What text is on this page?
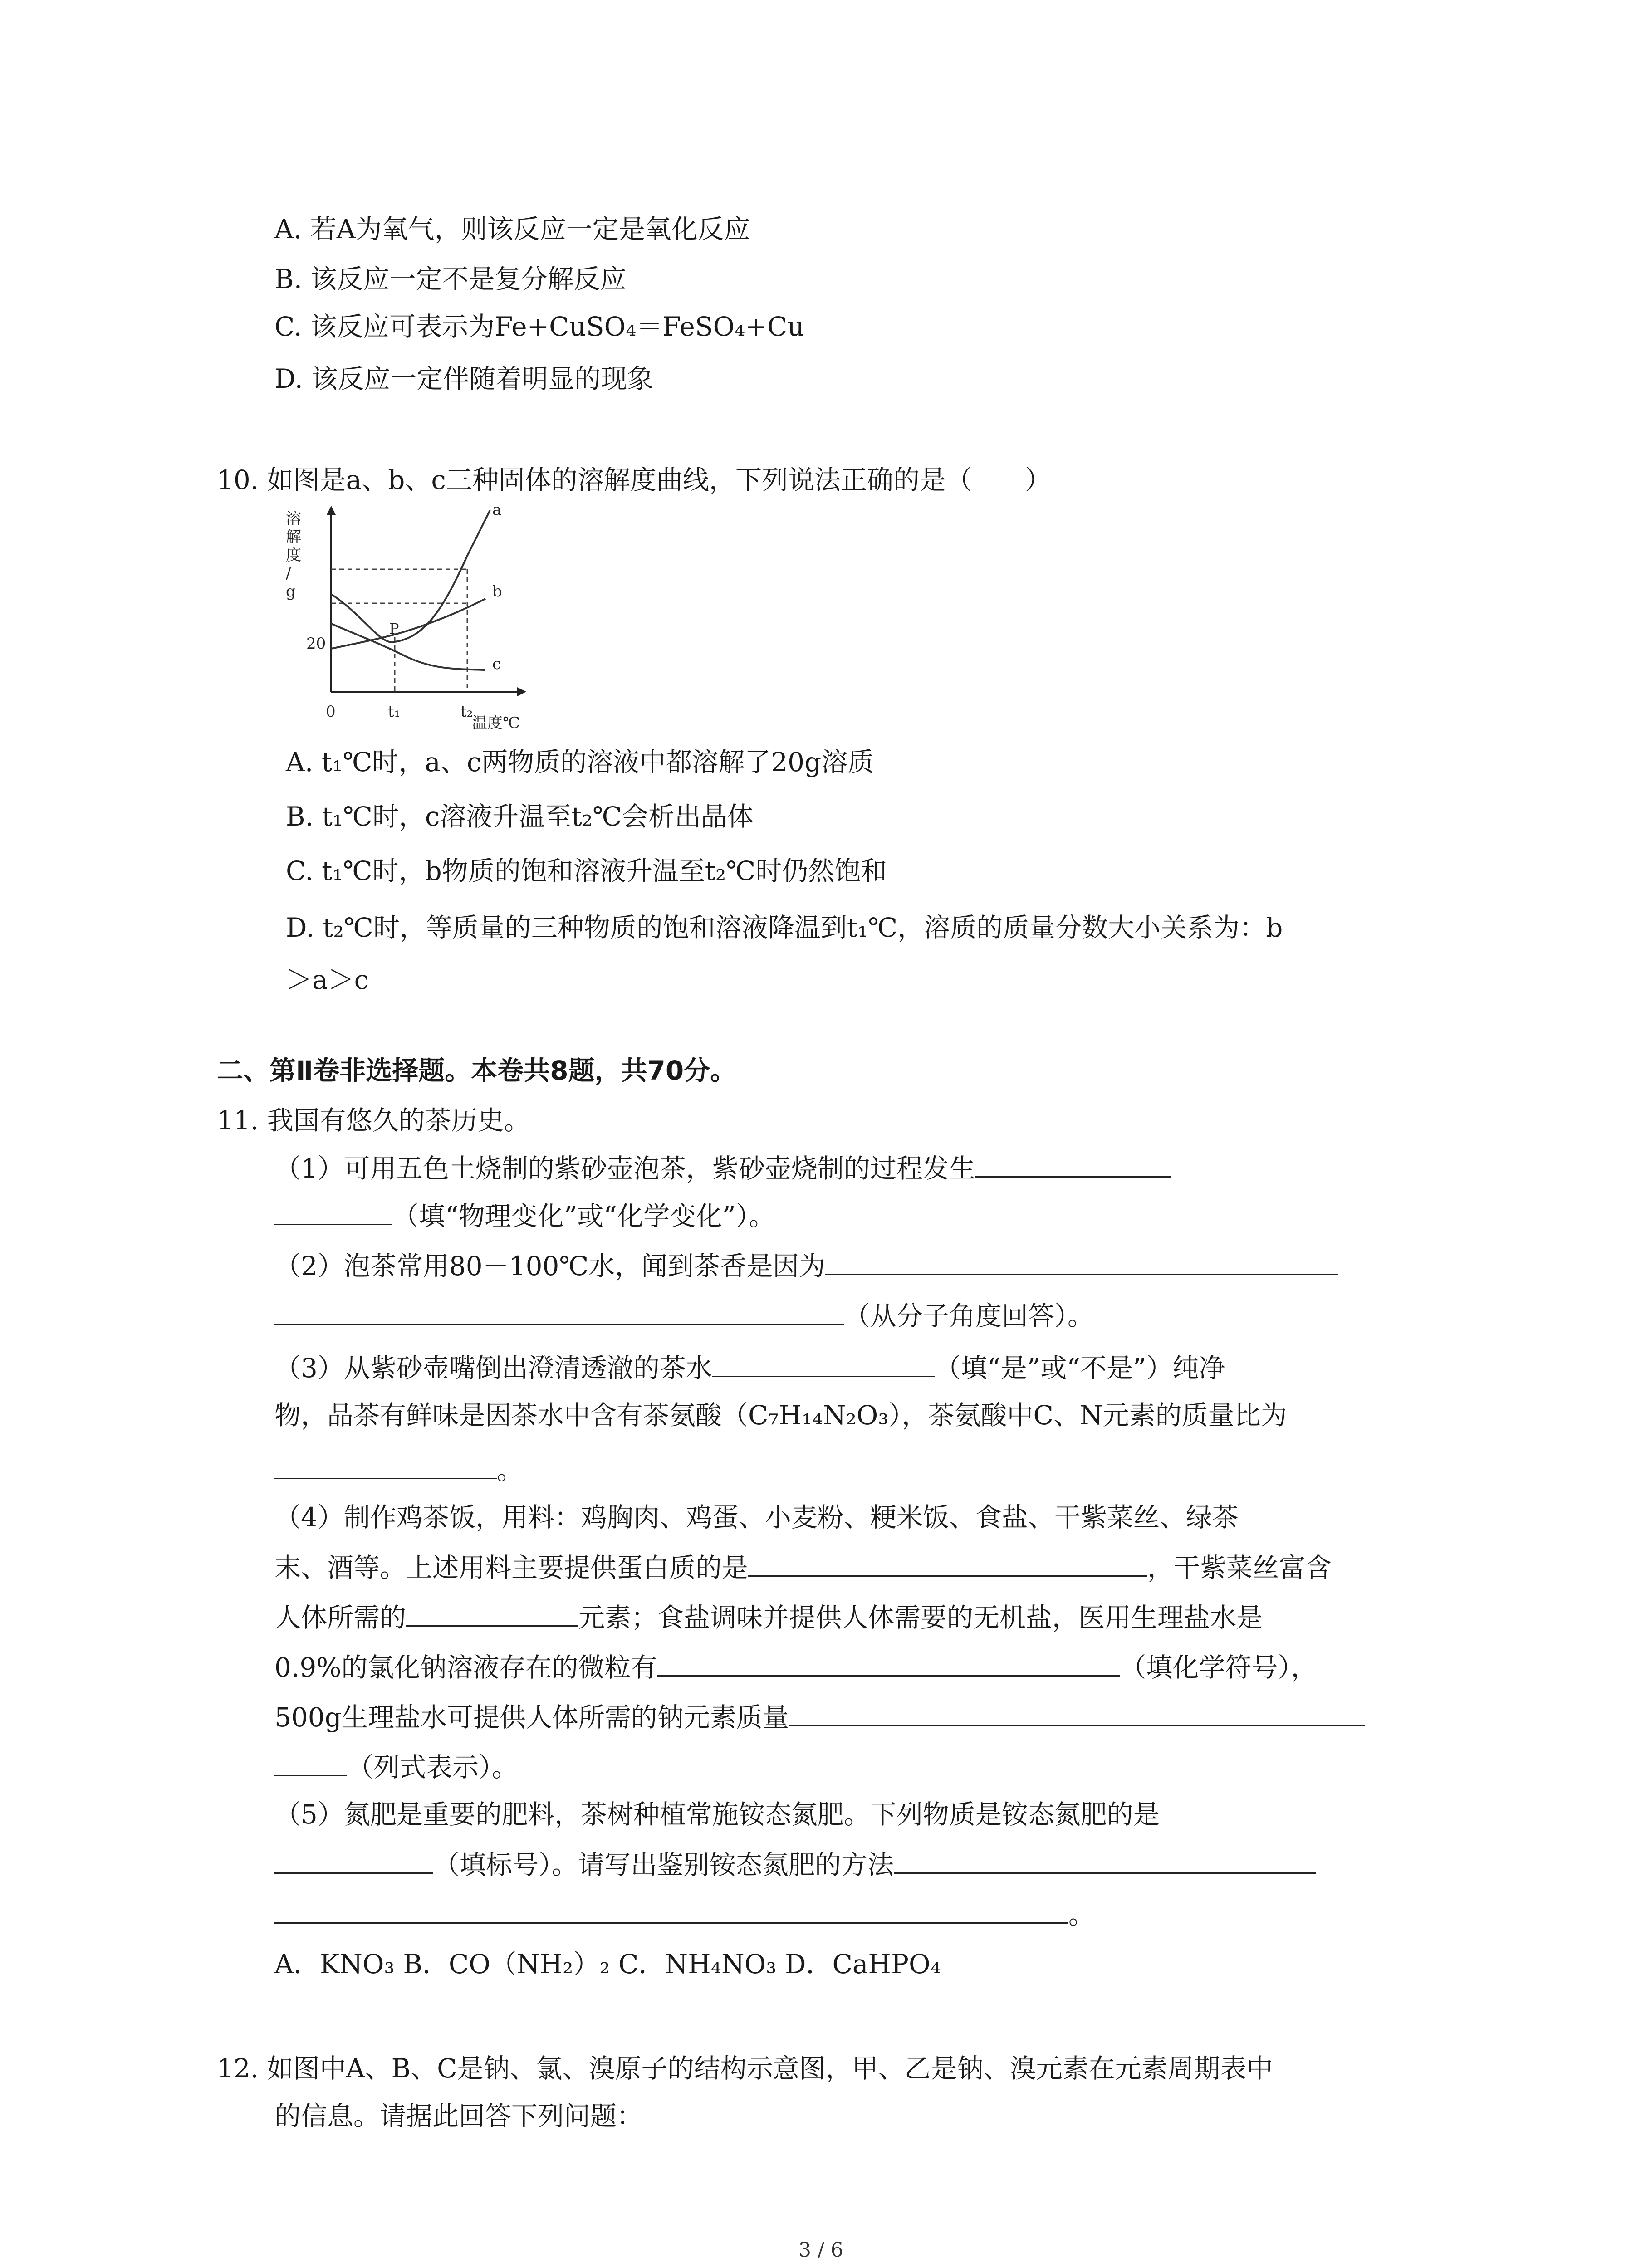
A. 若A为氧气，则该反应一定是氧化反应
B. 该反应一定不是复分解反应
C. 该反应可表示为Fe+CuSO₄＝FeSO₄+Cu
D. 该反应一定伴随着明显的现象
10. 如图是a、b、c三种固体的溶解度曲线，下列说法正确的是（　　）
溶解度/ g
a
b
c
P
20
0	t₁	t₂
温度℃
A. t₁℃时，a、c两物质的溶液中都溶解了20g溶质
B. t₁℃时，c溶液升温至t₂℃会析出晶体
C. t₁℃时，b物质的饱和溶液升温至t₂℃时仍然饱和
D. t₂℃时，等质量的三种物质的饱和溶液降温到t₁℃，溶质的质量分数大小关系为：b
＞a＞c
二、第Ⅱ卷非选择题。本卷共8题，共70分。
11. 我国有悠久的茶历史。
（1）可用五色土烧制的紫砂壶泡茶，紫砂壶烧制的过程发生
（填“物理变化”或“化学变化”）。
（2）泡茶常用80－100℃水，闻到茶香是因为
（从分子角度回答）。
（3）从紫砂壶嘴倒出澄清透澈的茶水	（填“是”或“不是”）纯净
物，品茶有鲜味是因茶水中含有茶氨酸（C₇H₁₄N₂O₃），茶氨酸中C、N元素的质量比为
。
（4）制作鸡茶饭，用料：鸡胸肉、鸡蛋、小麦粉、粳米饭、食盐、干紫菜丝、绿茶
末、酒等。上述用料主要提供蛋白质的是	，干紫菜丝富含
人体所需的	元素；食盐调味并提供人体需要的无机盐，医用生理盐水是
0.9%的氯化钠溶液存在的微粒有	（填化学符号），
500g生理盐水可提供人体所需的钠元素质量
（列式表示）。
（5）氮肥是重要的肥料，茶树种植常施铵态氮肥。下列物质是铵态氮肥的是
（填标号）。请写出鉴别铵态氮肥的方法
。
A．KNO₃ B．CO（NH₂）₂ C．NH₄NO₃ D．CaHPO₄
12. 如图中A、B、C是钠、氯、溴原子的结构示意图，甲、乙是钠、溴元素在元素周期表中
的信息。请据此回答下列问题：
3 / 6
